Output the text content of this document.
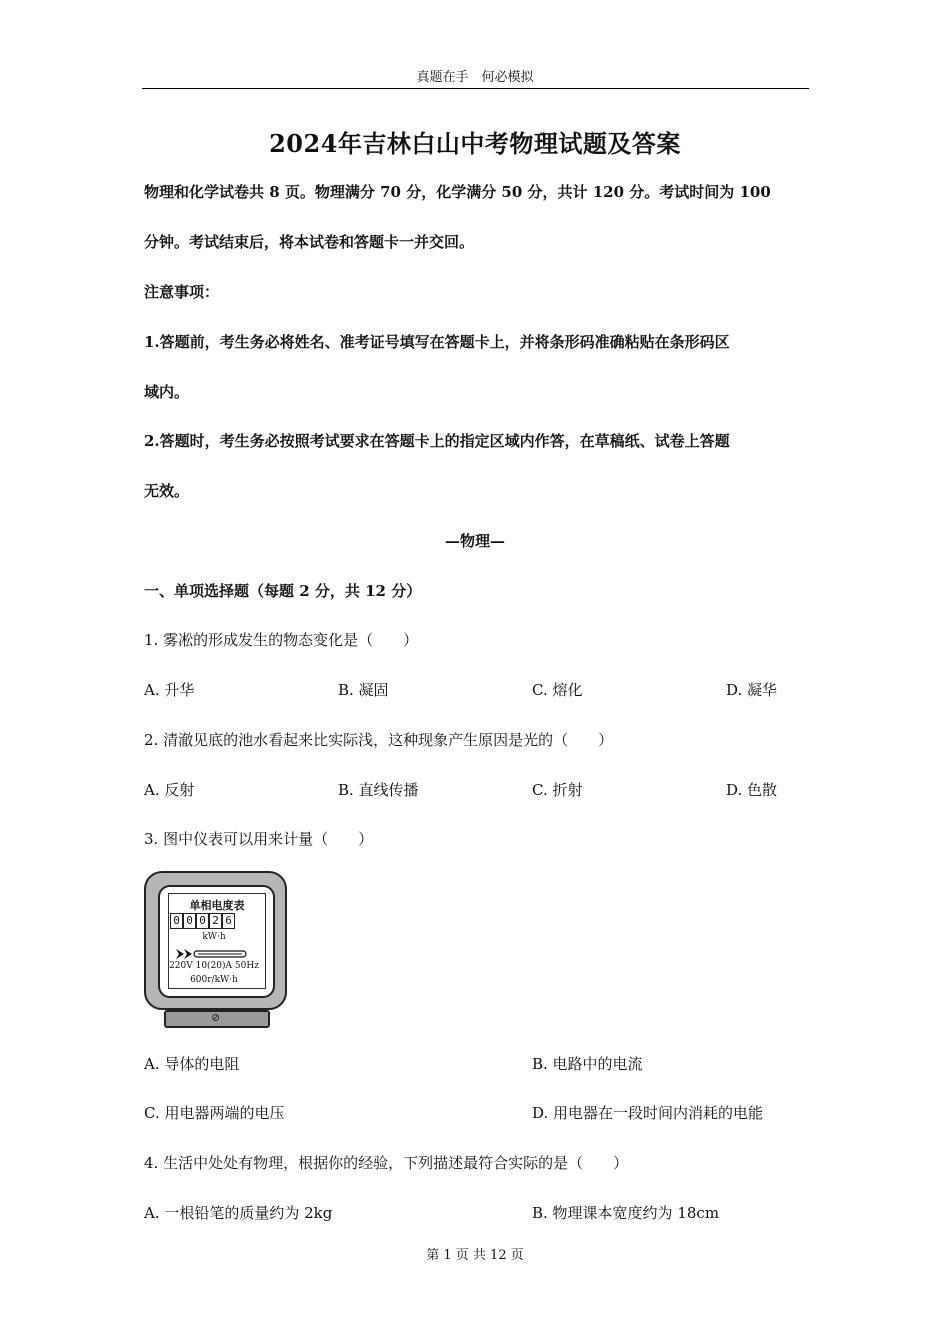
真题在手　何必模拟
2024年吉林白山中考物理试题及答案
物理和化学试卷共 8 页。物理满分 70 分，化学满分 50 分，共计 120 分。考试时间为 100
分钟。考试结束后，将本试卷和答题卡一并交回。
注意事项：
1.答题前，考生务必将姓名、准考证号填写在答题卡上，并将条形码准确粘贴在条形码区
域内。
2.答题时，考生务必按照考试要求在答题卡上的指定区域内作答，在草稿纸、试卷上答题
无效。
—物理—
一、单项选择题（每题 2 分，共 12 分）
1. 雾凇的形成发生的物态变化是（　　）
A. 升华	B. 凝固	C. 熔化	D. 凝华
2. 清澈见底的池水看起来比实际浅，这种现象产生原因是光的（　　）
A. 反射	B. 直线传播	C. 折射	D. 色散
3. 图中仪表可以用来计量（　　）
单相电度表
0 0 0 2 6
kW·h
220V 10(20)A 50Hz
600r/kW·h
⊘
A. 导体的电阻	B. 电路中的电流
C. 用电器两端的电压	D. 用电器在一段时间内消耗的电能
4. 生活中处处有物理，根据你的经验，下列描述最符合实际的是（　　）
A. 一根铅笔的质量约为 2kg	B. 物理课本宽度约为 18cm
第 1 页 共 12 页
